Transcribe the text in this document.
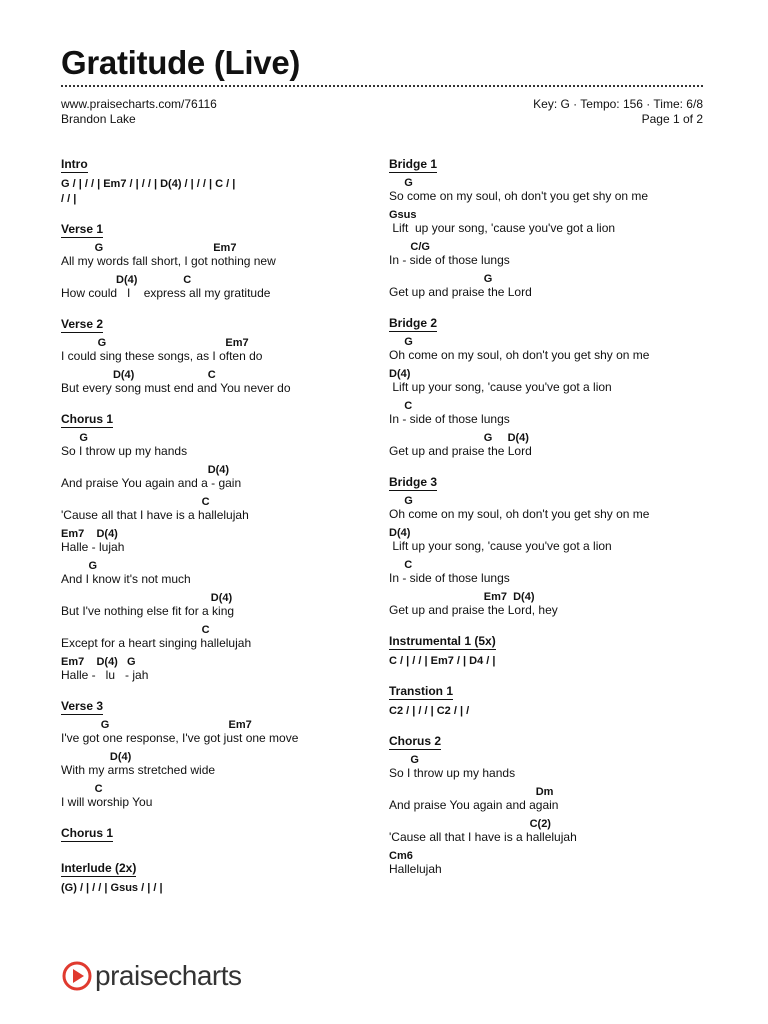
Gratitude (Live)
www.praisecharts.com/76116
Brandon Lake
Key: G · Tempo: 156 · Time: 6/8
Page 1 of 2
Intro
G / | / / | Em7 / | / / | D(4) / | / / | C / |
/ / |
Verse 1
G                                    Em7
All my words fall short, I got nothing new
D(4)               C
How could   I    express all my gratitude
Verse 2
G                                       Em7
I could sing these songs, as I often do
D(4)                        C
But every song must end and You never do
Chorus 1
G
So I throw up my hands
D(4)
And praise You again and a - gain
C
'Cause all that I have is a hallelujah
Em7    D(4)
Halle - lujah
G
And I know it's not much
D(4)
But I've nothing else fit for a king
C
Except for a heart singing hallelujah
Em7    D(4)   G
Halle -   lu   - jah
Verse 3
G                                       Em7
I've got one response, I've got just one move
D(4)
With my arms stretched wide
C
I will worship You
Chorus 1
Interlude (2x)
(G) / | / / | Gsus / | / |
Bridge 1
G
So come on my soul, oh don't you get shy on me
Gsus
Lift  up your song, 'cause you've got a lion
C/G
In - side of those lungs
G
Get up and praise the Lord
Bridge 2
G
Oh come on my soul, oh don't you get shy on me
D(4)
Lift up your song, 'cause you've got a lion
C
In - side of those lungs
G     D(4)
Get up and praise the Lord
Bridge 3
G
Oh come on my soul, oh don't you get shy on me
D(4)
Lift up your song, 'cause you've got a lion
C
In - side of those lungs
Em7  D(4)
Get up and praise the Lord, hey
Instrumental 1 (5x)
C / | / / | Em7 / | D4 / |
Transtion 1
C2 / | / / | C2 / | /
Chorus 2
G
So I throw up my hands
Dm
And praise You again and again
C(2)
'Cause all that I have is a hallelujah
Cm6
Hallelujah
praisecharts
